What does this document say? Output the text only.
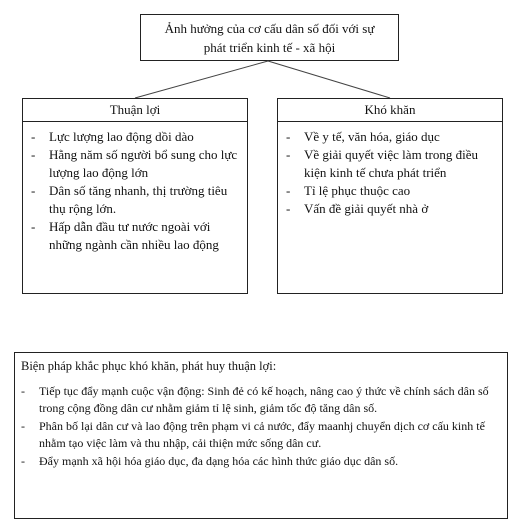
Ảnh hưởng của cơ cấu dân số đối với sự
phát triển kinh tế - xã hội
Thuận lợi
- Lực lượng lao động dồi dào
- Hằng năm số người bổ sung cho lực lượng lao động lớn
- Dân số tăng nhanh, thị trường tiêu thụ rộng lớn.
- Hấp dẫn đầu tư nước ngoài với những ngành cần nhiều lao động
Khó khăn
- Về y tế, văn hóa, giáo dục
- Về giải quyết việc làm trong điều kiện kinh tế chưa phát triển
- Tỉ lệ phục thuộc cao
- Vấn đề giải quyết nhà ở
Biện pháp khắc phục khó khăn, phát huy thuận lợi:
- Tiếp tục đẩy mạnh cuộc vận động: Sinh đẻ có kế hoạch, nâng cao ý thức về chính sách dân số trong cộng đồng dân cư nhằm giảm tỉ lệ sinh, giảm tốc độ tăng dân số.
- Phân bố lại dân cư và lao động trên phạm vi cả nước, đẩy maanhj chuyển dịch cơ cấu kinh tế nhằm tạo việc làm và thu nhập, cải thiện mức sống dân cư.
- Đẩy mạnh xã hội hóa giáo dục, đa dạng hóa các hình thức giáo dục dân số.
